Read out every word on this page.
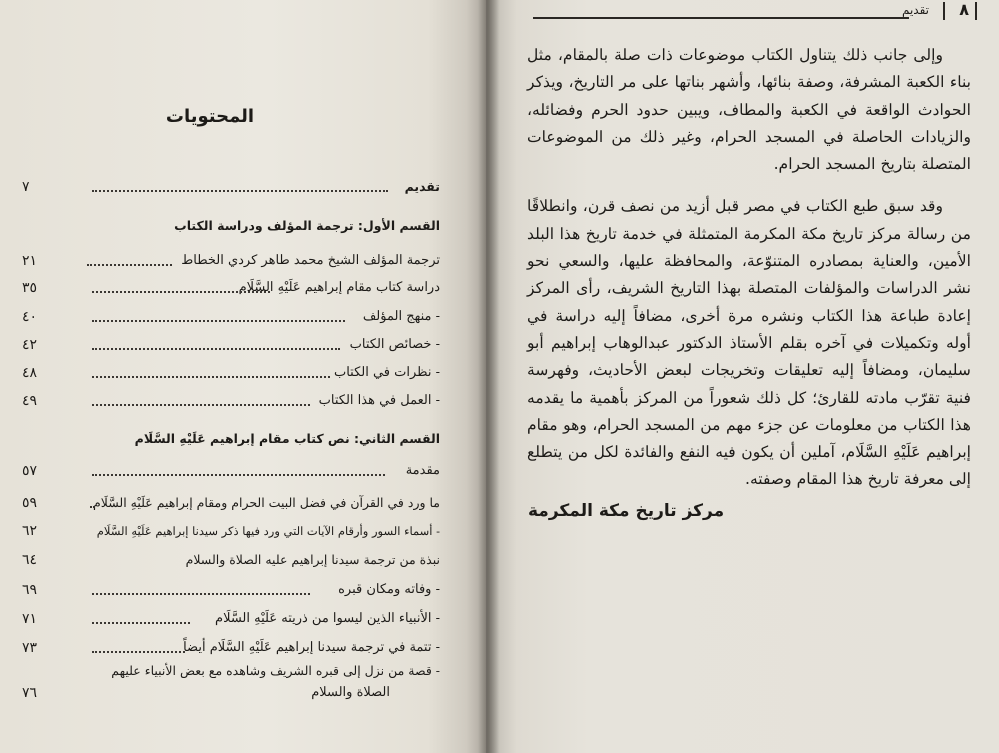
المحتويات
تقديم
٧
القسم الأول: ترجمة المؤلف ودراسة الكتاب
ترجمة المؤلف الشيخ محمد طاهر كردي الخطاط
٢١
دراسة كتاب مقام إبراهيم عَلَيْهِ السَّلَام
٣٥
- منهج المؤلف
٤٠
- خصائص الكتاب
٤٢
- نظرات في الكتاب
٤٨
- العمل في هذا الكتاب
٤٩
القسم الثاني: نص كتاب مقام إبراهيم عَلَيْهِ السَّلَام
مقدمة
٥٧
ما ورد في القرآن في فضل البيت الحرام ومقام إبراهيم عَلَيْهِ السَّلَام
٥٩
- أسماء السور وأرقام الآيات التي ورد فيها ذكر سيدنا إبراهيم عَلَيْهِ السَّلَام
٦٢
نبذة من ترجمة سيدنا إبراهيم عليه الصلاة والسلام
٦٤
- وفاته ومكان قبره
٦٩
- الأنبياء الذين ليسوا من ذريته عَلَيْهِ السَّلَام
٧١
- تتمة في ترجمة سيدنا إبراهيم عَلَيْهِ السَّلَام أيضاً
٧٣
- قصة من نزل إلى قبره الشريف وشاهده مع بعض الأنبياء عليهم
الصلاة والسلام
٧٦
تقديم ٨

وإلى جانب ذلك يتناول الكتاب موضوعات ذات صلة بالمقام، مثل بناء الكعبة المشرفة، وصفة بنائها، وأشهر بناتها على مر التاريخ، ويذكر الحوادث الواقعة في الكعبة والمطاف، ويبين حدود الحرم وفضائله، والزيادات الحاصلة في المسجد الحرام، وغير ذلك من الموضوعات المتصلة بتاريخ المسجد الحرام.

وقد سبق طبع الكتاب في مصر قبل أزيد من نصف قرن، وانطلاقًا من رسالة مركز تاريخ مكة المكرمة المتمثلة في خدمة تاريخ هذا البلد الأمين، والعناية بمصادره المتنوّعة، والمحافظة عليها، والسعي نحو نشر الدراسات والمؤلفات المتصلة بهذا التاريخ الشريف، رأى المركز إعادة طباعة هذا الكتاب ونشره مرة أخرى، مضافاً إليه دراسة في أوله وتكميلات في آخره بقلم الأستاذ الدكتور عبدالوهاب إبراهيم أبو سليمان، ومضافاً إليه تعليقات وتخريجات لبعض الأحاديث، وفهرسة فنية تقرّب مادته للقارئ؛ كل ذلك شعوراً من المركز بأهمية ما يقدمه هذا الكتاب من معلومات عن جزء مهم من المسجد الحرام، وهو مقام إبراهيم عَلَيْهِ السَّلَام، آملين أن يكون فيه النفع والفائدة لكل من يتطلع إلى معرفة تاريخ هذا المقام وصفته.

مركز تاريخ مكة المكرمة
